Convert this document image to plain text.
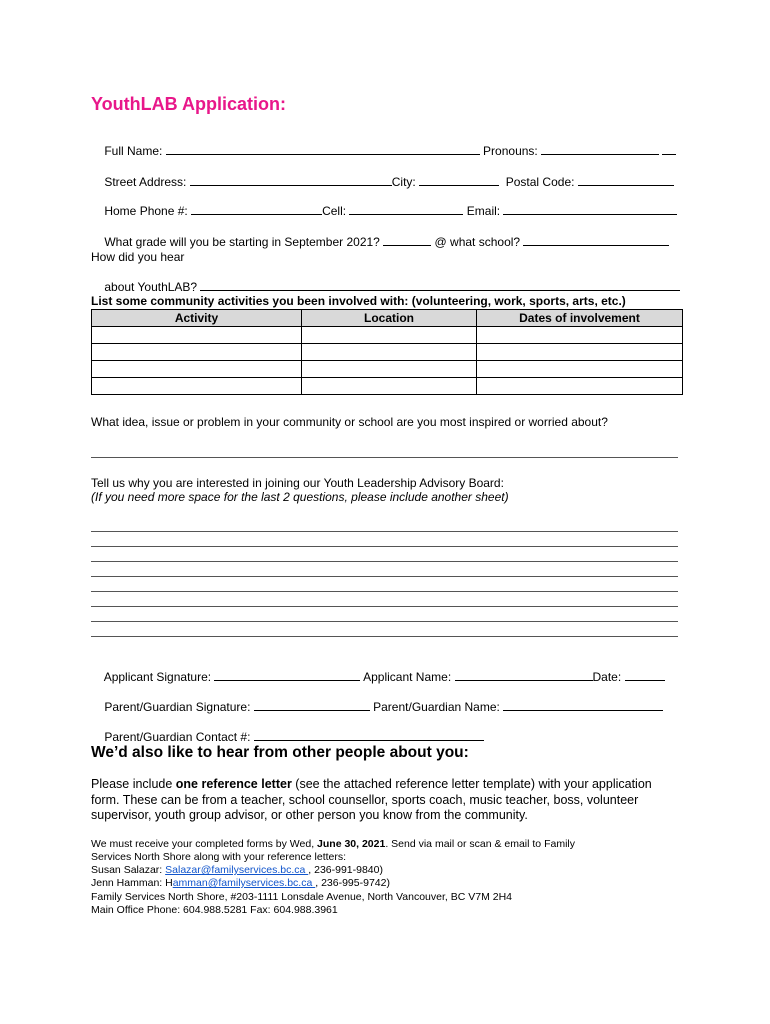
YouthLAB Application:

Full Name:	Pronouns:

Street Address:	City:	Postal Code:

Home Phone #:	Cell:	Email:

What grade will you be starting in September 2021?	@ what school?

How did you hear

about YouthLAB?

List some community activities you been involved with: (volunteering, work, sports, arts, etc.)
Activity	Location	Dates of involvement

What idea, issue or problem in your community or school are you most inspired or worried about?
Tell us why you are interested in joining our Youth Leadership Advisory Board:
(If you need more space for the last 2 questions, please include another sheet)

Applicant Signature:	Applicant Name:	Date:

Parent/Guardian Signature:	Parent/Guardian Name:

Parent/Guardian Contact #:

We’d also like to hear from other people about you:
Please include one reference letter (see the attached reference letter template) with your application form. These can be from a teacher, school counsellor, sports coach, music teacher, boss, volunteer supervisor, youth group advisor, or other person you know from the community.
We must receive your completed forms by Wed, June 30, 2021. Send via mail or scan & email to Family
Services North Shore along with your reference letters:
Susan Salazar: Salazar@familyservices.bc.ca , 236-991-9840)
Jenn Hamman: Hamman@familyservices.bc.ca , 236-995-9742)
Family Services North Shore, #203-1111 Lonsdale Avenue, North Vancouver, BC V7M 2H4
Main Office Phone: 604.988.5281 Fax: 604.988.3961
